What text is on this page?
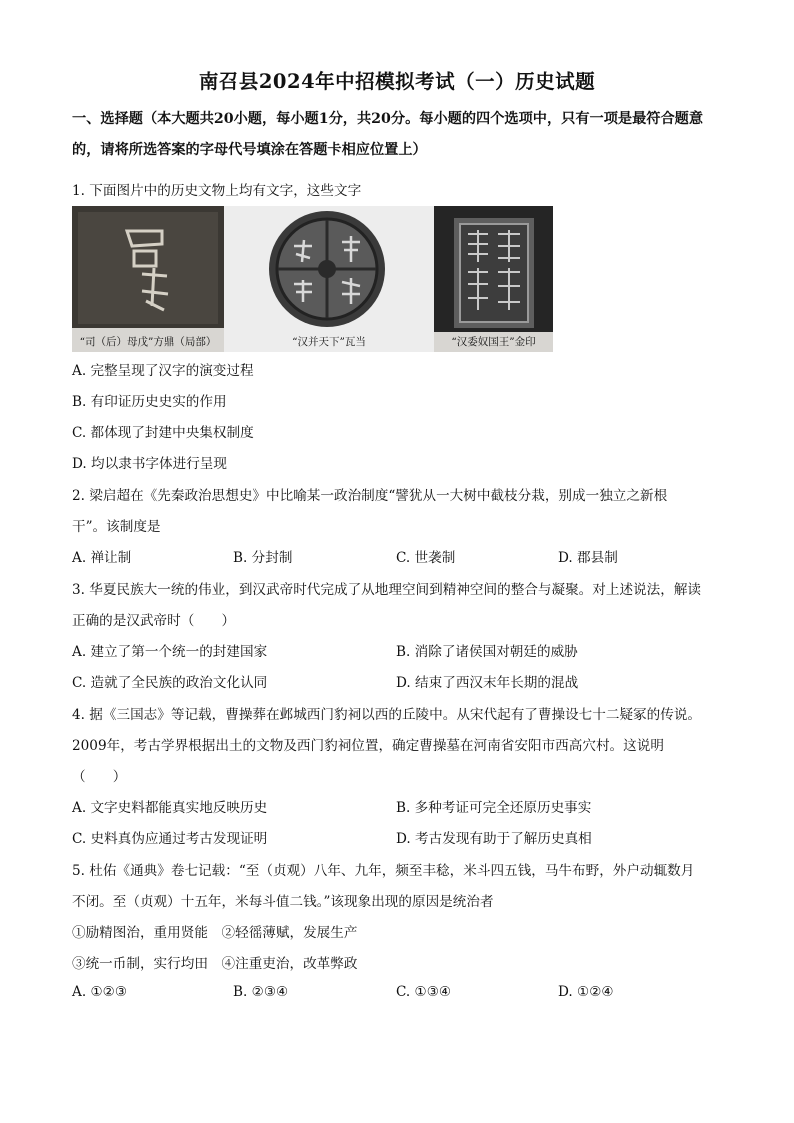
南召县2024年中招模拟考试（一）历史试题
一、选择题（本大题共20小题，每小题1分，共20分。每小题的四个选项中，只有一项是最符合题意的，请将所选答案的字母代号填涂在答题卡相应位置上）
1. 下面图片中的历史文物上均有文字，这些文字
“司（后）母戊”方鼎（局部）	“汉并天下”瓦当	“汉委奴国王”金印
A. 完整呈现了汉字的演变过程
B. 有印证历史史实的作用
C. 都体现了封建中央集权制度
D. 均以隶书字体进行呈现
2. 梁启超在《先秦政治思想史》中比喻某一政治制度“譬犹从一大树中截枝分栽，别成一独立之新根
干”。该制度是
A. 禅让制	B. 分封制	C. 世袭制	D. 郡县制
3. 华夏民族大一统的伟业，到汉武帝时代完成了从地理空间到精神空间的整合与凝聚。对上述说法，解读
正确的是汉武帝时（　　）
A. 建立了第一个统一的封建国家	B. 消除了诸侯国对朝廷的威胁
C. 造就了全民族的政治文化认同	D. 结束了西汉末年长期的混战
4. 据《三国志》等记载，曹操葬在邺城西门豹祠以西的丘陵中。从宋代起有了曹操设七十二疑冢的传说。
2009年，考古学界根据出土的文物及西门豹祠位置，确定曹操墓在河南省安阳市西高穴村。这说明
（　　）
A. 文字史料都能真实地反映历史	B. 多种考证可完全还原历史事实
C. 史料真伪应通过考古发现证明	D. 考古发现有助于了解历史真相
5. 杜佑《通典》卷七记载：“至（贞观）八年、九年，频至丰稔，米斗四五钱，马牛布野，外户动辄数月
不闭。至（贞观）十五年，米每斗值二钱。”该现象出现的原因是统治者
①励精图治，重用贤能　②轻徭薄赋，发展生产
③统一币制，实行均田　④注重吏治，改革弊政
A. ①②③	B. ②③④	C. ①③④	D. ①②④
